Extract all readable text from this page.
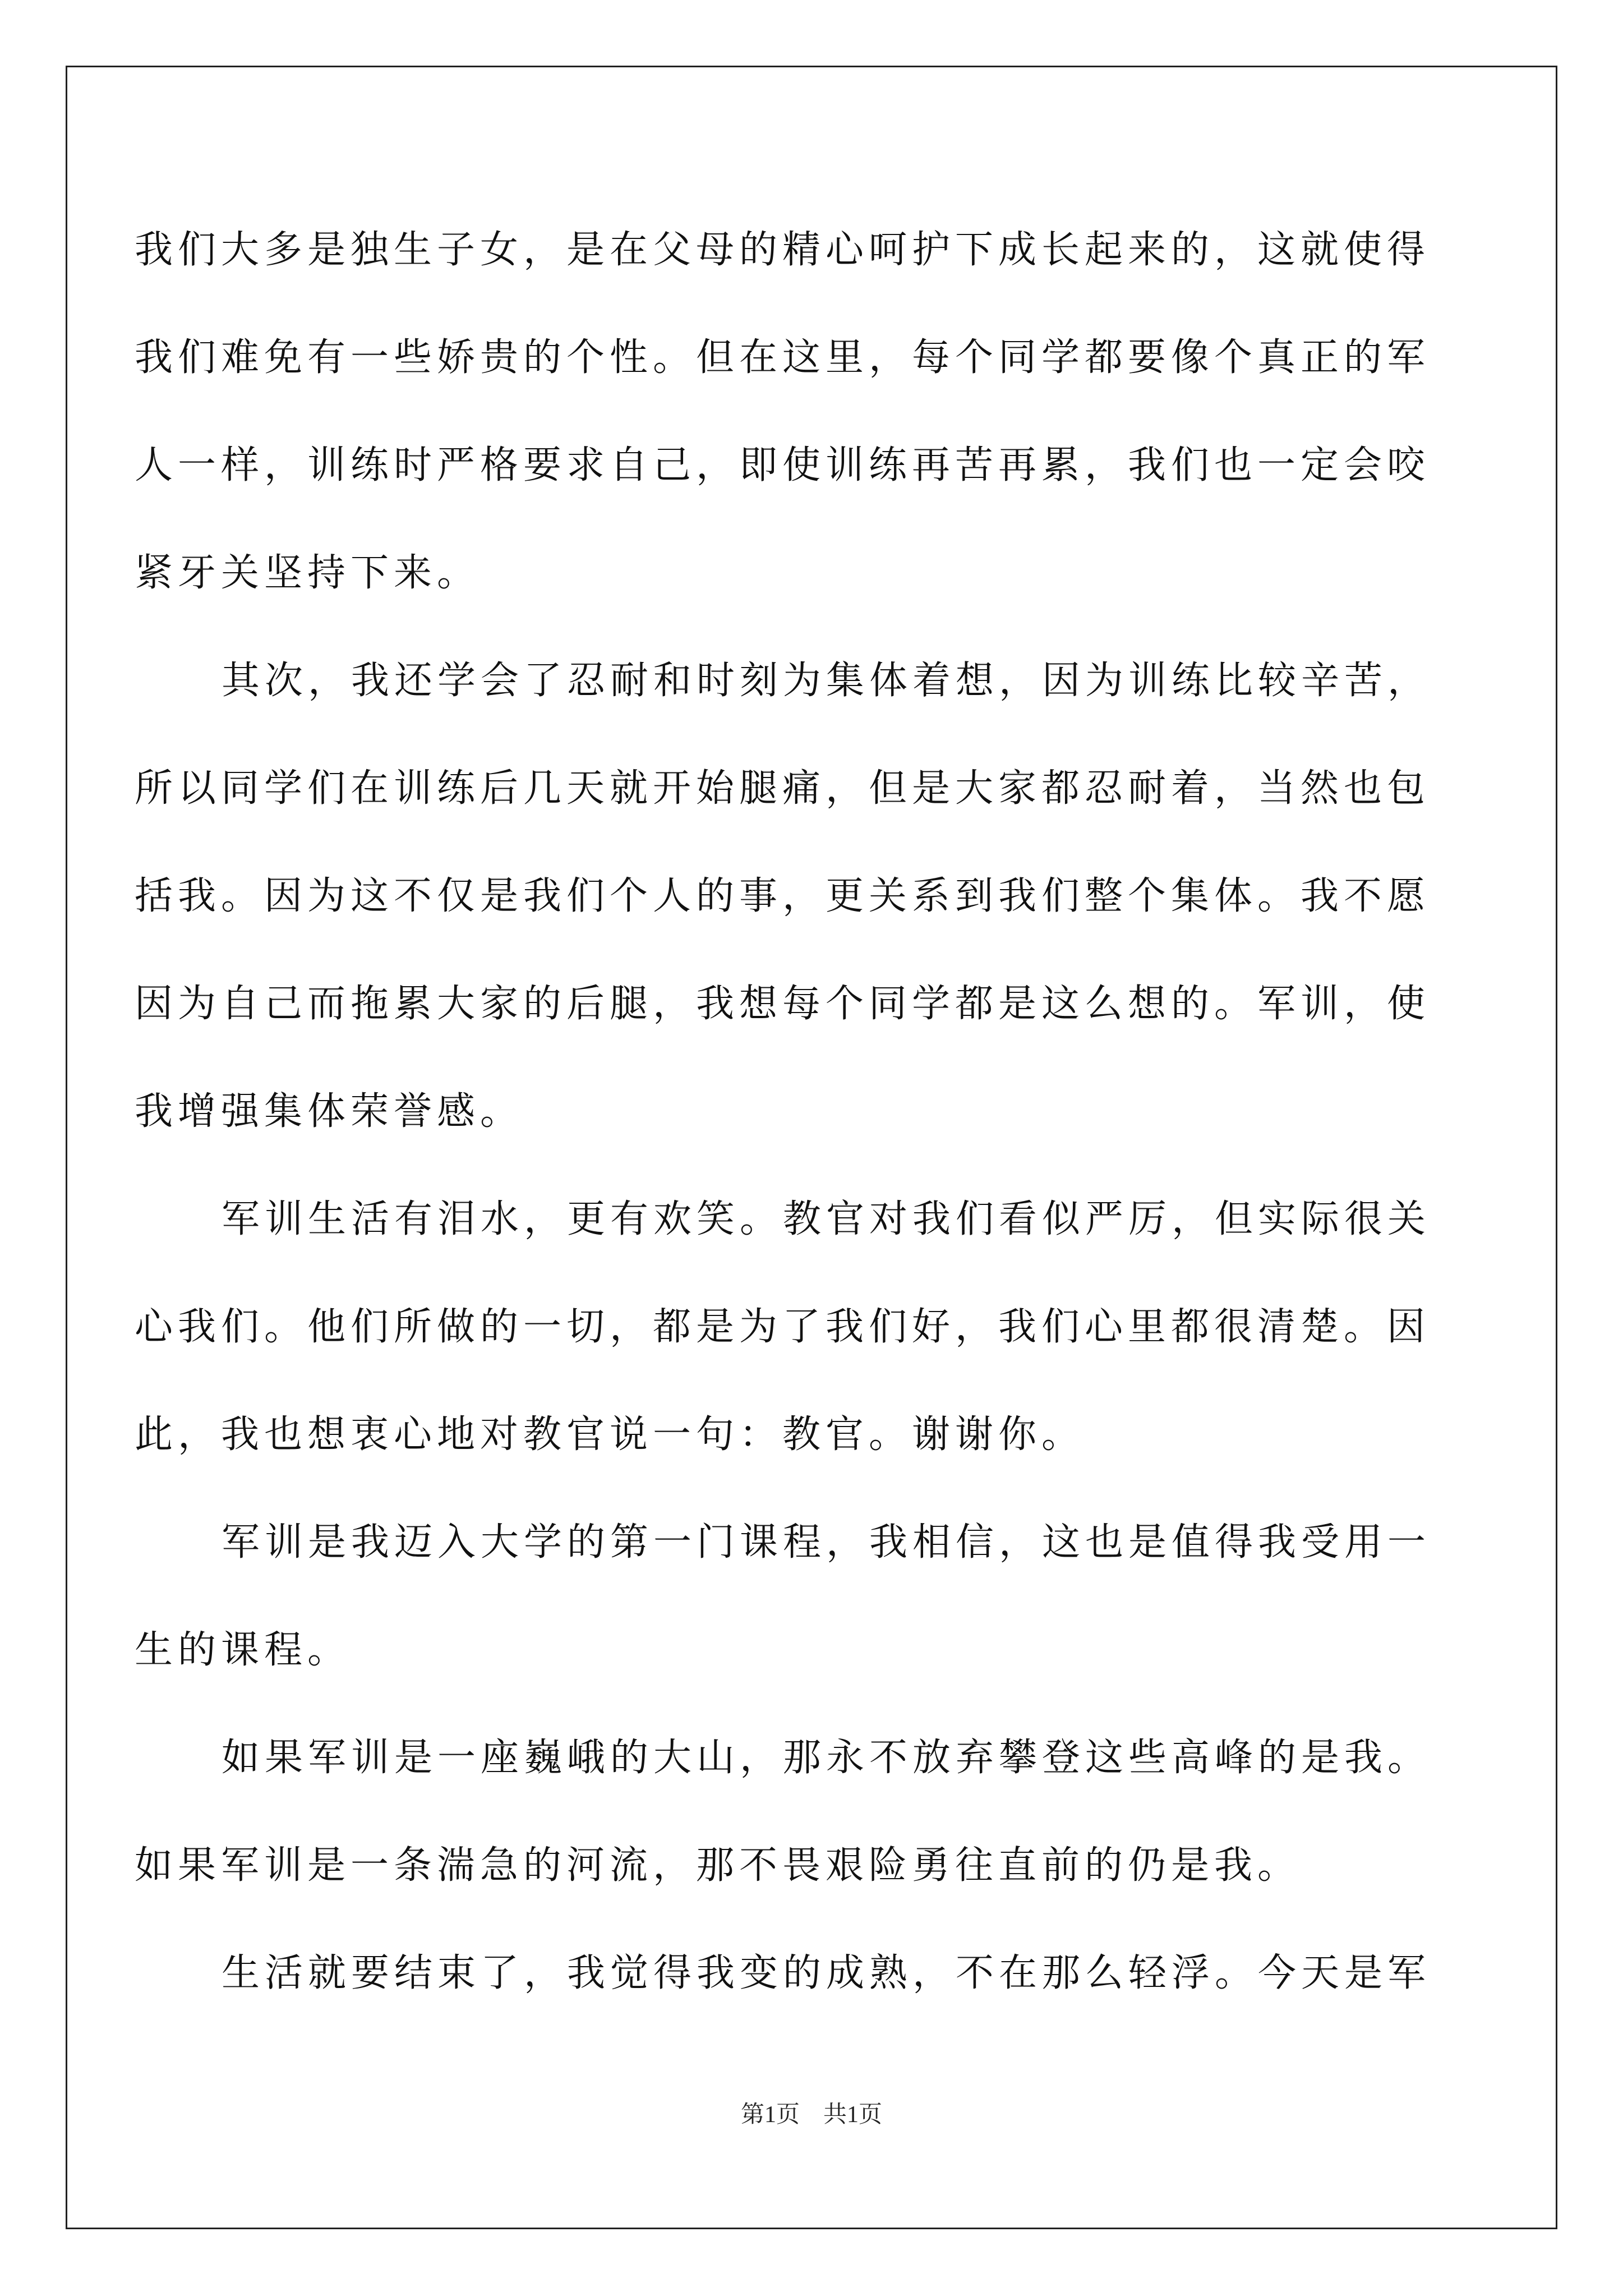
我们大多是独生子女，是在父母的精心呵护下成长起来的，这就使得
我们难免有一些娇贵的个性。但在这里，每个同学都要像个真正的军
人一样，训练时严格要求自己，即使训练再苦再累，我们也一定会咬
紧牙关坚持下来。
其次，我还学会了忍耐和时刻为集体着想，因为训练比较辛苦，
所以同学们在训练后几天就开始腿痛，但是大家都忍耐着，当然也包
括我。因为这不仅是我们个人的事，更关系到我们整个集体。我不愿
因为自己而拖累大家的后腿，我想每个同学都是这么想的。军训，使
我增强集体荣誉感。
军训生活有泪水，更有欢笑。教官对我们看似严厉，但实际很关
心我们。他们所做的一切，都是为了我们好，我们心里都很清楚。因
此，我也想衷心地对教官说一句：教官。谢谢你。
军训是我迈入大学的第一门课程，我相信，这也是值得我受用一
生的课程。
如果军训是一座巍峨的大山，那永不放弃攀登这些高峰的是我。
如果军训是一条湍急的河流，那不畏艰险勇往直前的仍是我。
生活就要结束了，我觉得我变的成熟，不在那么轻浮。今天是军
第1页　共1页
